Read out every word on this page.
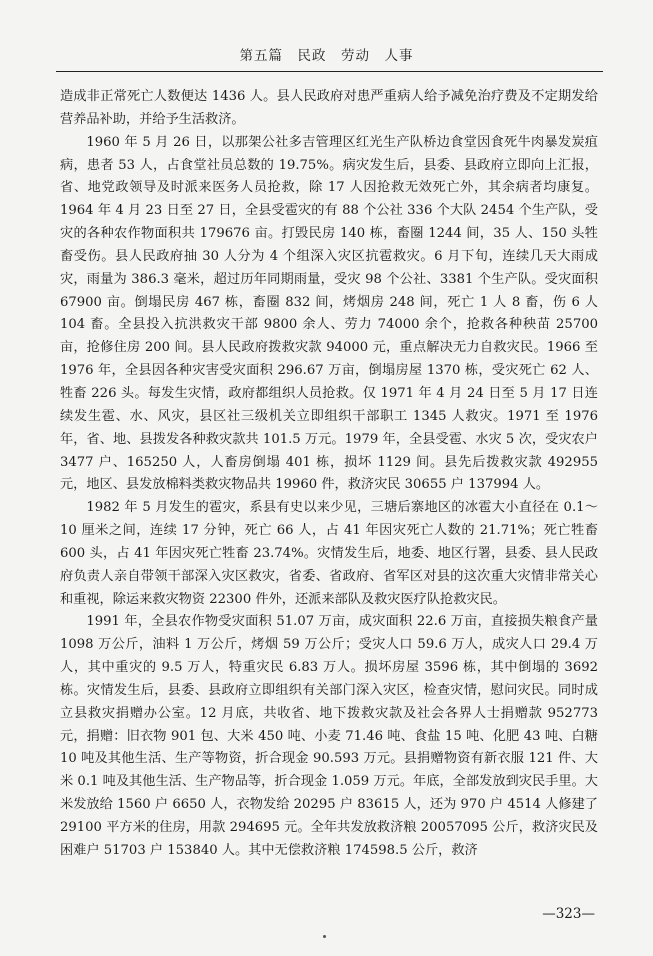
第五篇　民政　劳动　人事

造成非正常死亡人数便达 1436 人。县人民政府对患严重病人给予减免治疗费及不定期发给营养品补助，并给予生活救济。

1960 年 5 月 26 日，以那架公社多吉管理区红光生产队桥边食堂因食死牛肉暴发炭疽病，患者 53 人，占食堂社员总数的 19.75%。病灾发生后，县委、县政府立即向上汇报，省、地党政领导及时派来医务人员抢救，除 17 人因抢救无效死亡外，其余病者均康复。1964 年 4 月 23 日至 27 日，全县受雹灾的有 88 个公社 336 个大队 2454 个生产队，受灾的各种农作物面积共 179676 亩。打毁民房 140 栋，畜圈 1244 间，35 人、150 头牲畜受伤。县人民政府抽 30 人分为 4 个组深入灾区抗雹救灾。6 月下旬，连续几天大雨成灾，雨量为 386.3 毫米，超过历年同期雨量，受灾 98 个公社、3381 个生产队。受灾面积 67900 亩。倒塌民房 467 栋，畜圈 832 间，烤烟房 248 间，死亡 1 人 8 畜，伤 6 人 104 畜。全县投入抗洪救灾干部 9800 余人、劳力 74000 余个，抢救各种秧苗 25700 亩，抢修住房 200 间。县人民政府拨救灾款 94000 元，重点解决无力自救灾民。1966 至 1976 年，全县因各种灾害受灾面积 296.67 万亩，倒塌房屋 1370 栋，受灾死亡 62 人、牲畜 226 头。每发生灾情，政府都组织人员抢救。仅 1971 年 4 月 24 日至 5 月 17 日连续发生雹、水、风灾，县区社三级机关立即组织干部职工 1345 人救灾。1971 至 1976 年，省、地、县拨发各种救灾款共 101.5 万元。1979 年，全县受雹、水灾 5 次，受灾农户 3477 户、165250 人，人畜房倒塌 401 栋，损坏 1129 间。县先后拨救灾款 492955 元，地区、县发放棉料类救灾物品共 19960 件，救济灾民 30655 户 137994 人。

1982 年 5 月发生的雹灾，系县有史以来少见，三塘后寨地区的冰雹大小直径在 0.1～10 厘米之间，连续 17 分钟，死亡 66 人，占 41 年因灾死亡人数的 21.71%；死亡牲畜 600 头，占 41 年因灾死亡牲畜 23.74%。灾情发生后，地委、地区行署，县委、县人民政府负责人亲自带领干部深入灾区救灾，省委、省政府、省军区对县的这次重大灾情非常关心和重视，除运来救灾物资 22300 件外，还派来部队及救灾医疗队抢救灾民。

1991 年，全县农作物受灾面积 51.07 万亩，成灾面积 22.6 万亩，直接损失粮食产量 1098 万公斤，油料 1 万公斤，烤烟 59 万公斤；受灾人口 59.6 万人，成灾人口 29.4 万人，其中重灾的 9.5 万人，特重灾民 6.83 万人。损坏房屋 3596 栋，其中倒塌的 3692 栋。灾情发生后，县委、县政府立即组织有关部门深入灾区，检查灾情，慰问灾民。同时成立县救灾捐赠办公室。12 月底，共收省、地下拨救灾款及社会各界人士捐赠款 952773 元，捐赠：旧衣物 901 包、大米 450 吨、小麦 71.46 吨、食盐 15 吨、化肥 43 吨、白糖 10 吨及其他生活、生产等物资，折合现金 90.593 万元。县捐赠物资有新衣服 121 件、大米 0.1 吨及其他生活、生产物品等，折合现金 1.059 万元。年底，全部发放到灾民手里。大米发放给 1560 户 6650 人，衣物发给 20295 户 83615 人，还为 970 户 4514 人修建了 29100 平方米的住房，用款 294695 元。全年共发放救济粮 20057095 公斤，救济灾民及困难户 51703 户 153840 人。其中无偿救济粮 174598.5 公斤，救济

—323—
